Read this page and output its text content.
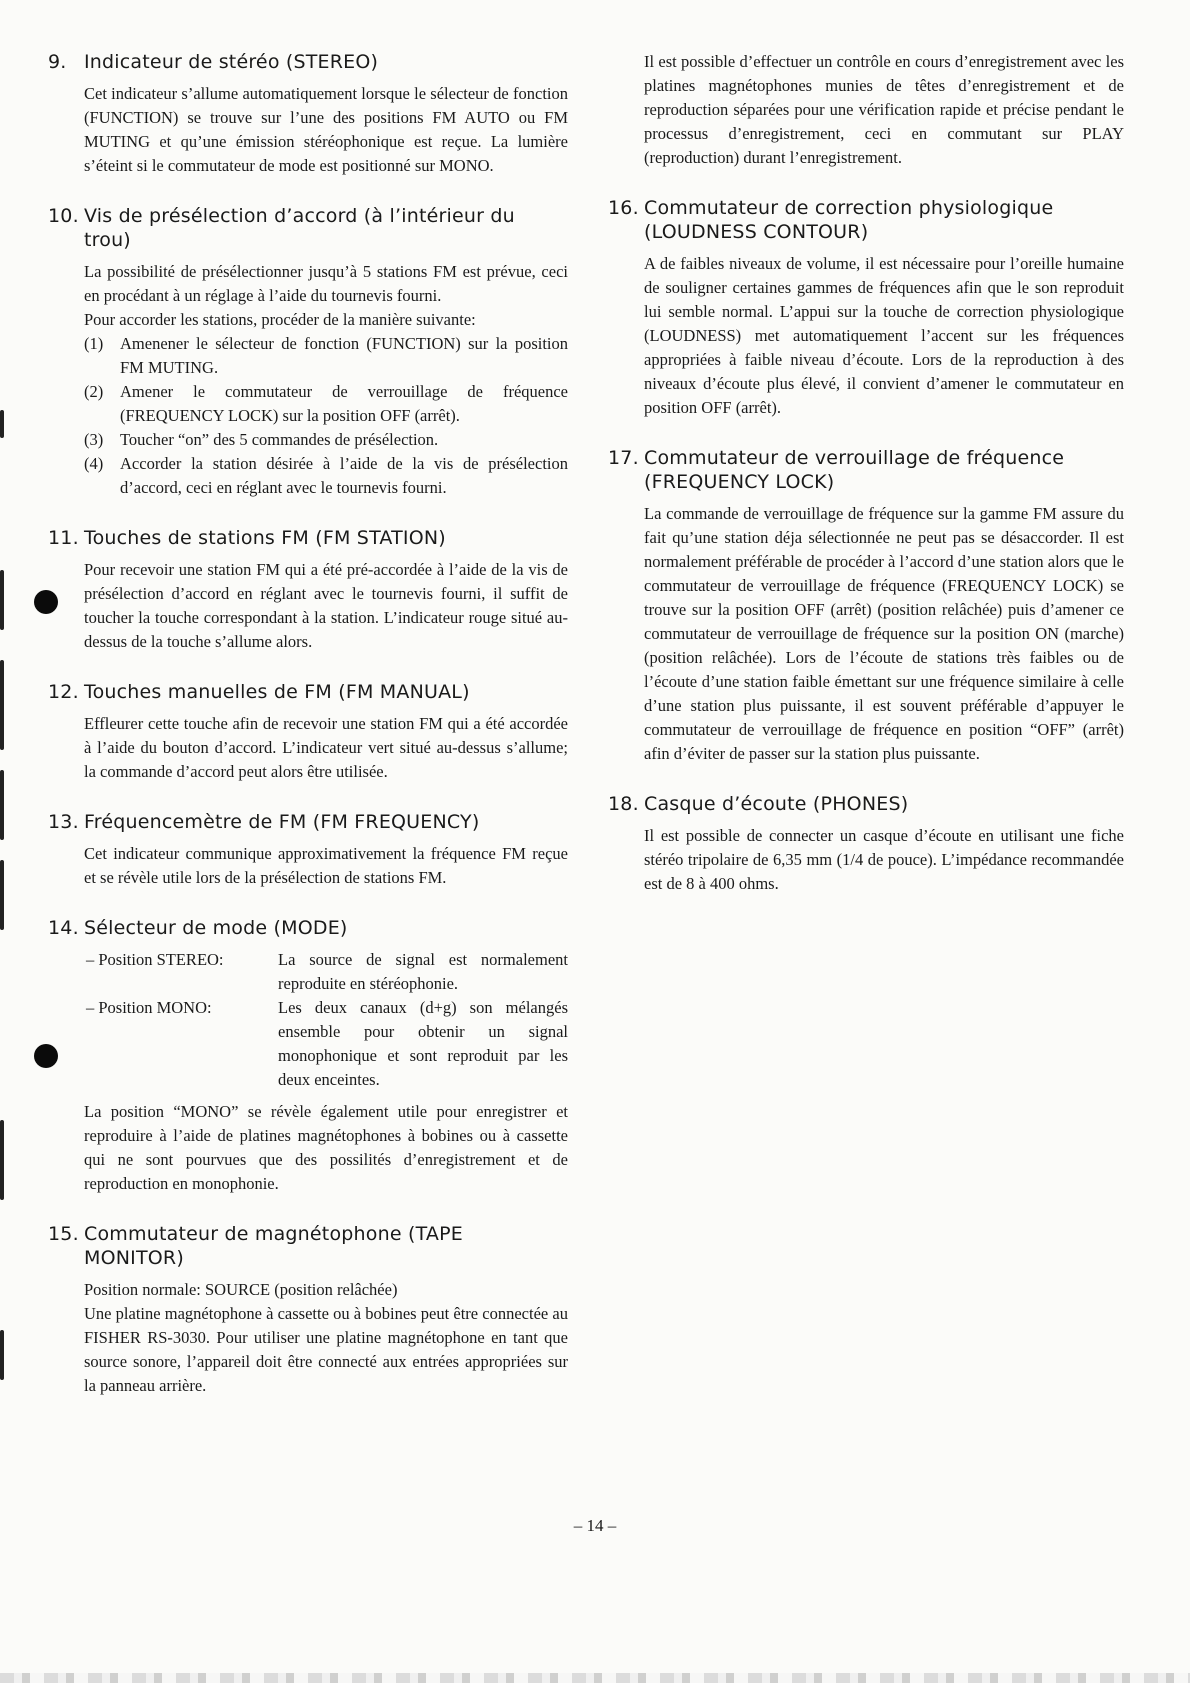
9. Indicateur de stéréo (STEREO)

Cet indicateur s’allume automatiquement lorsque le sélecteur de fonction (FUNCTION) se trouve sur l’une des positions FM AUTO ou FM MUTING et qu’une émission stéréophonique est reçue. La lumière s’éteint si le commutateur de mode est positionné sur MONO.

10. Vis de présélection d’accord (à l’intérieur du trou)

La possibilité de présélectionner jusqu’à 5 stations FM est prévue, ceci en procédant à un réglage à l’aide du tournevis fourni.

Pour accorder les stations, procéder de la manière suivante:

(1)	Amenener le sélecteur de fonction (FUNCTION) sur la position FM MUTING.
(2)	Amener le commutateur de verrouillage de fréquence (FREQUENCY LOCK) sur la position OFF (arrêt).
(3)	Toucher “on” des 5 commandes de présélection.
(4)	Accorder la station désirée à l’aide de la vis de présélection d’accord, ceci en réglant avec le tournevis fourni.
11. Touches de stations FM (FM STATION)

Pour recevoir une station FM qui a été pré-accordée à l’aide de la vis de présélection d’accord en réglant avec le tournevis fourni, il suffit de toucher la touche correspondant à la station. L’indicateur rouge situé au-dessus de la touche s’allume alors.

12. Touches manuelles de FM (FM MANUAL)

Effleurer cette touche afin de recevoir une station FM qui a été accordée à l’aide du bouton d’accord. L’indicateur vert situé au-dessus s’allume; la commande d’accord peut alors être utilisée.

13. Fréquencemètre de FM (FM FREQUENCY)

Cet indicateur communique approximativement la fréquence FM reçue et se révèle utile lors de la présélection de stations FM.

14. Sélecteur de mode (MODE)
– Position STEREO:	La source de signal est normalement reproduite en stéréophonie.
– Position MONO:	Les deux canaux (d+g) son mélangés ensemble pour obtenir un signal monophonique et sont reproduit par les deux enceintes.

La position “MONO” se révèle également utile pour enregistrer et reproduire à l’aide de platines magnétophones à bobines ou à cassette qui ne sont pourvues que des possilités d’enregistrement et de reproduction en monophonie.

15. Commutateur de magnétophone (TAPE MONITOR)

Position normale: SOURCE (position relâchée)

Une platine magnétophone à cassette ou à bobines peut être connectée au FISHER RS-3030. Pour utiliser une platine magnétophone en tant que source sonore, l’appareil doit être connecté aux entrées appropriées sur la panneau arrière.

Il est possible d’effectuer un contrôle en cours d’enregistrement avec les platines magnétophones munies de têtes d’enregistrement et de reproduction séparées pour une vérification rapide et précise pendant le processus d’enregistrement, ceci en commutant sur PLAY (reproduction) durant l’enregistrement.

16. Commutateur de correction physiologique (LOUDNESS CONTOUR)

A de faibles niveaux de volume, il est nécessaire pour l’oreille humaine de souligner certaines gammes de fréquences afin que le son reproduit lui semble normal. L’appui sur la touche de correction physiologique (LOUDNESS) met automatiquement l’accent sur les fréquences appropriées à faible niveau d’écoute. Lors de la reproduction à des niveaux d’écoute plus élevé, il convient d’amener le commutateur en position OFF (arrêt).

17. Commutateur de verrouillage de fréquence (FREQUENCY LOCK)

La commande de verrouillage de fréquence sur la gamme FM assure du fait qu’une station déja sélectionnée ne peut pas se désaccorder. Il est normalement préférable de procéder à l’accord d’une station alors que le commutateur de verrouillage de fréquence (FREQUENCY LOCK) se trouve sur la position OFF (arrêt) (position relâchée) puis d’amener ce commutateur de verrouillage de fréquence sur la position ON (marche) (position relâchée). Lors de l’écoute de stations très faibles ou de l’écoute d’une station faible émettant sur une fréquence similaire à celle d’une station plus puissante, il est souvent préférable d’appuyer le commutateur de verrouillage de fréquence en position “OFF” (arrêt) afin d’éviter de passer sur la station plus puissante.

18. Casque d’écoute (PHONES)

Il est possible de connecter un casque d’écoute en utilisant une fiche stéréo tripolaire de 6,35 mm (1/4 de pouce). L’impédance recommandée est de 8 à 400 ohms.

– 14 –
